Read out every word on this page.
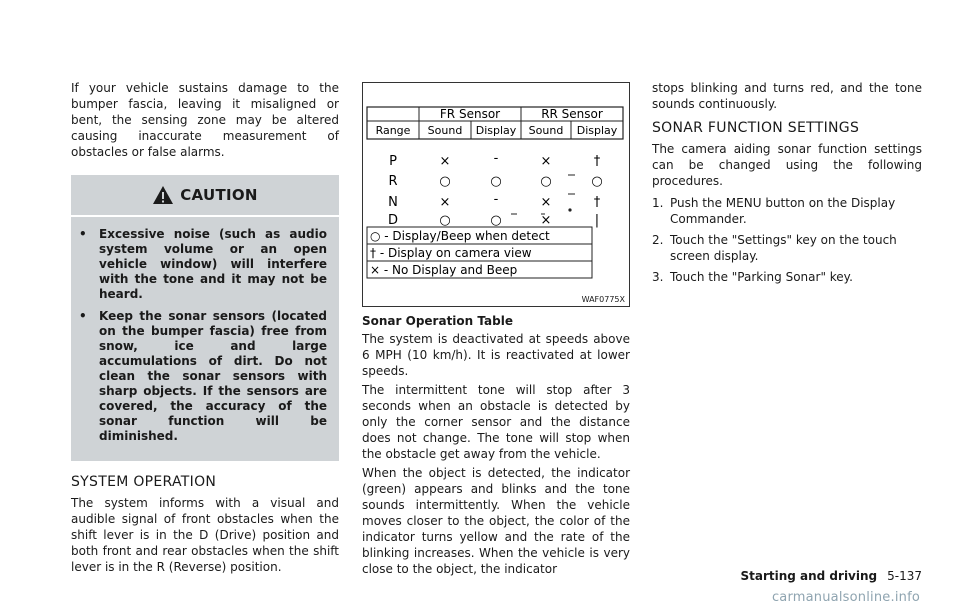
If your vehicle sustains damage to the bumper fascia, leaving it misaligned or bent, the sensing zone may be altered causing inaccurate measurement of obstacles or false alarms.

CAUTION
•	Excessive noise (such as audio system volume or an open vehicle window) will interfere with the tone and it may not be heard.
•	Keep the sonar sensors (located on the bumper fascia) free from snow, ice and large accumulations of dirt. Do not clean the sonar sensors with sharp objects. If the sensors are covered, the accuracy of the sonar function will be diminished.
SYSTEM OPERATION

The system informs with a visual and audible signal of front obstacles when the shift lever is in the D (Drive) position and both front and rear obstacles when the shift lever is in the R (Reverse) position.

FR Sensor	RR Sensor
Range Sound Display Sound Display
P	×	-	×	†
R	○	○	○	○
N	×	-	×	†
D	○	○	×	|
○ - Display/Beep when detect
† - Display on camera view
× - No Display and Beep
WAF0775X
Sonar Operation Table

The system is deactivated at speeds above 6 MPH (10 km/h). It is reactivated at lower speeds.

The intermittent tone will stop after 3 seconds when an obstacle is detected by only the corner sensor and the distance does not change. The tone will stop when the obstacle get away from the vehicle.

When the object is detected, the indicator (green) appears and blinks and the tone sounds intermittently. When the vehicle moves closer to the object, the color of the indicator turns yellow and the rate of the blinking increases. When the vehicle is very close to the object, the indicator

stops blinking and turns red, and the tone sounds continuously.

SONAR FUNCTION SETTINGS

The camera aiding sonar function settings can be changed using the following procedures.

1. Push the MENU button on the Display Commander.
2. Touch the "Settings" key on the touch screen display.
3. Touch the "Parking Sonar" key.
Starting and driving 5-137
carmanualsonline.info
